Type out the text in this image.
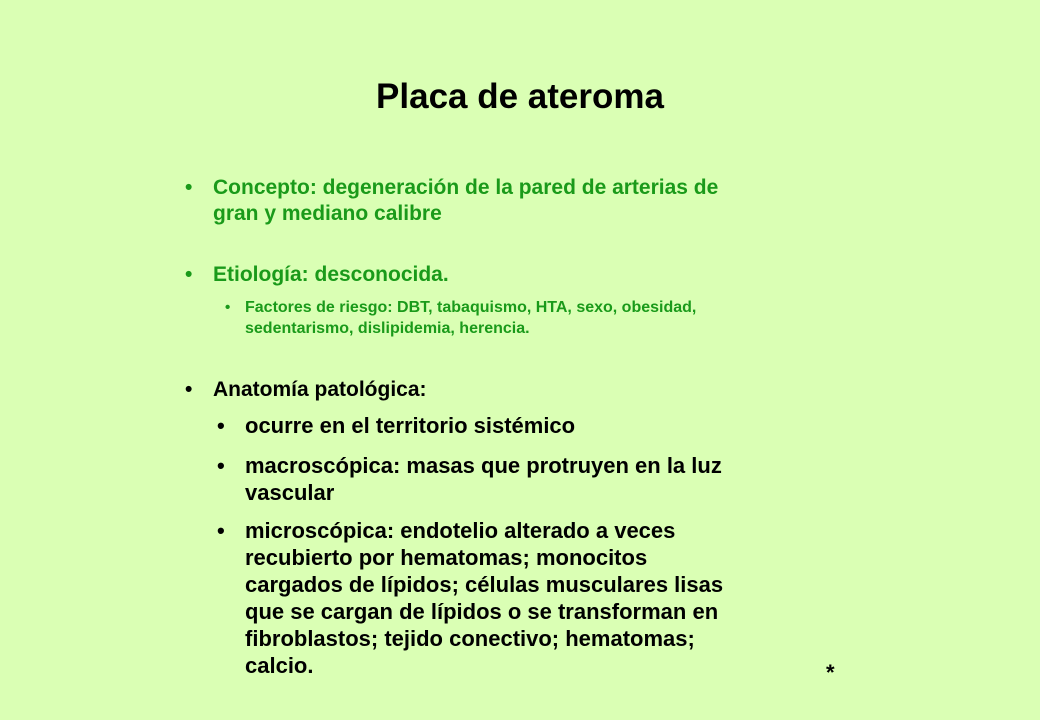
Placa de ateroma
• Concepto: degeneración de la pared de arterias de
gran y mediano calibre
• Etiología: desconocida.
• Factores de riesgo: DBT, tabaquismo, HTA, sexo, obesidad,
sedentarismo, dislipidemia, herencia.
• Anatomía patológica:
• ocurre en el territorio sistémico
• macroscópica: masas que protruyen en la luz
vascular
• microscópica: endotelio alterado a veces
recubierto por hematomas; monocitos
cargados de lípidos; células musculares lisas
que se cargan de lípidos o se transforman en
fibroblastos; tejido conectivo; hematomas;
calcio.	*
